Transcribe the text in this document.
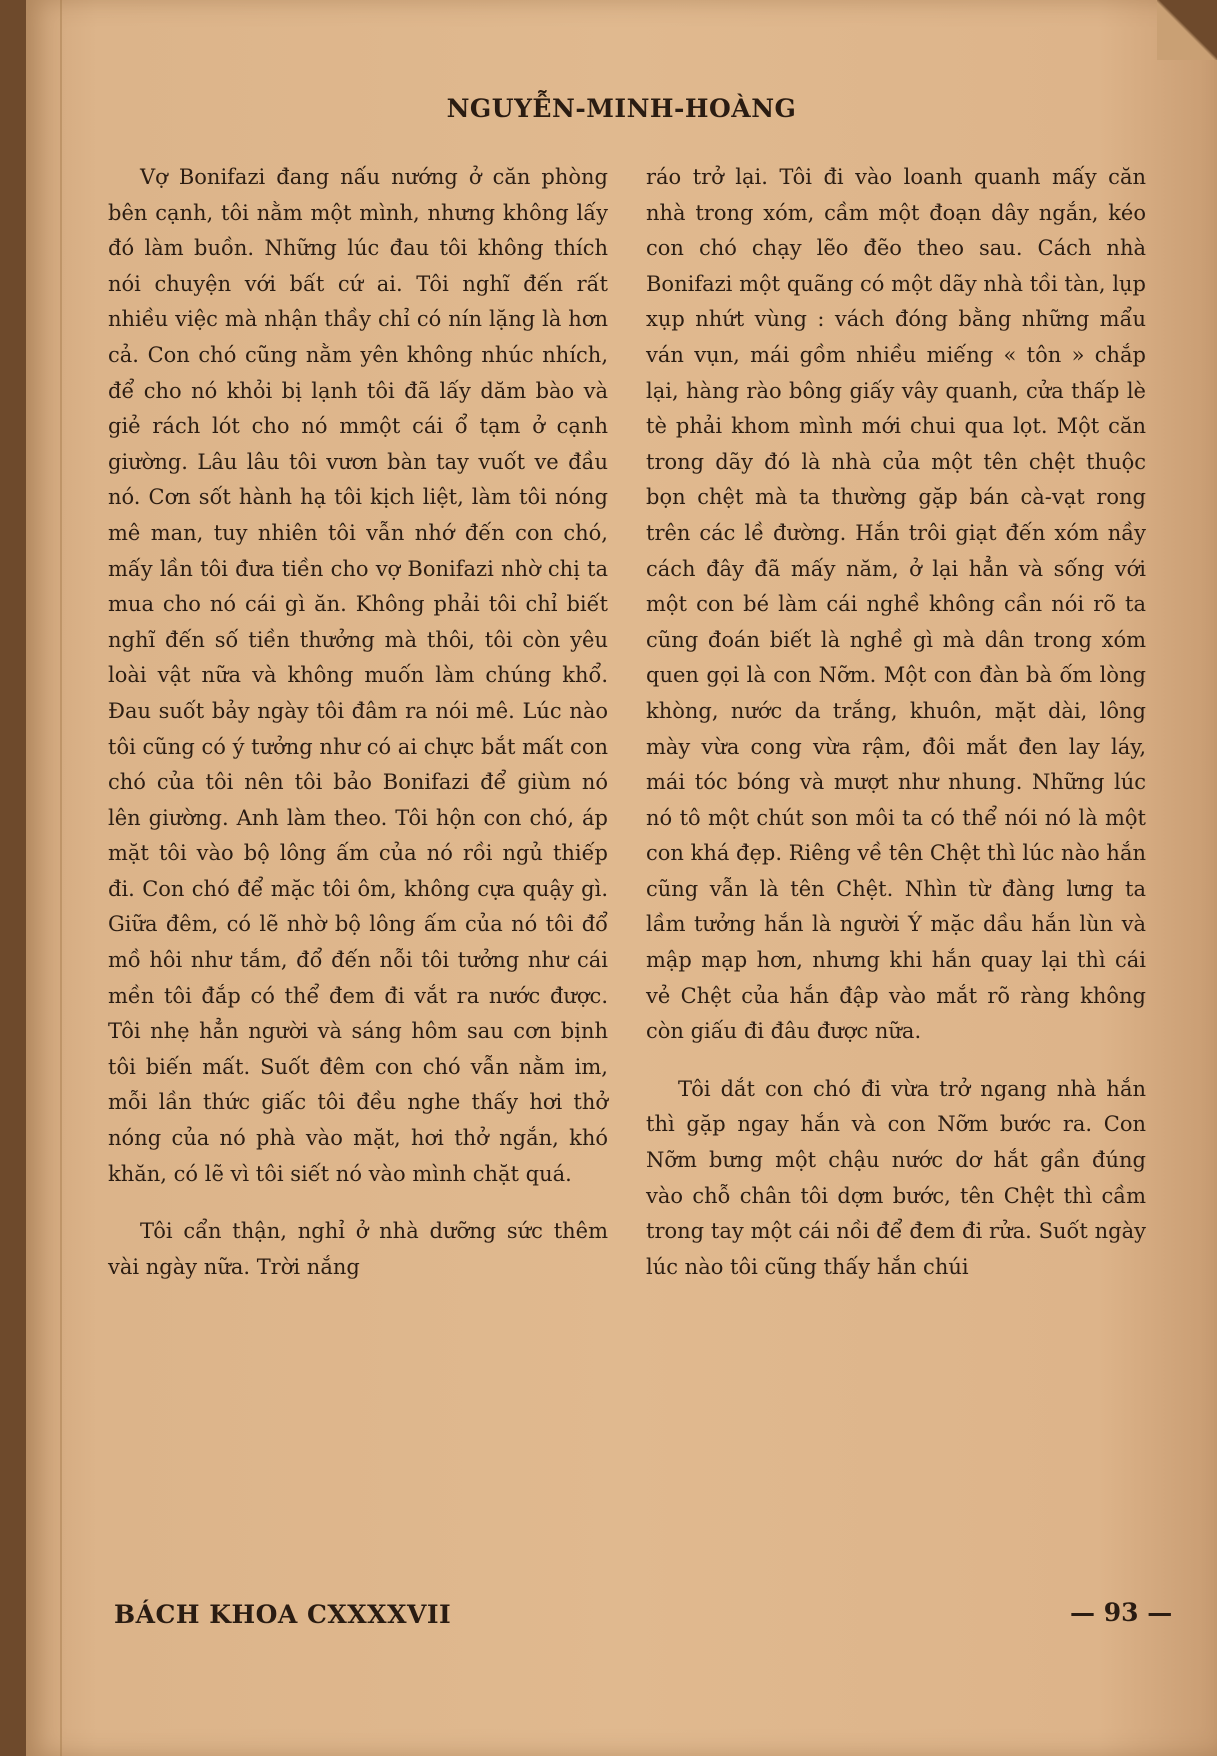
NGUYỄN-MINH-HOÀNG

Vợ Bonifazi đang nấu nướng ở căn phòng bên cạnh, tôi nằm một mình, nhưng không lấy đó làm buồn. Những lúc đau tôi không thích nói chuyện với bất cứ ai. Tôi nghĩ đến rất nhiều việc mà nhận thầy chỉ có nín lặng là hơn cả. Con chó cũng nằm yên không nhúc nhích, để cho nó khỏi bị lạnh tôi đã lấy dăm bào và giẻ rách lót cho nó mmột cái ổ tạm ở cạnh giường. Lâu lâu tôi vươn bàn tay vuốt ve đầu nó. Cơn sốt hành hạ tôi kịch liệt, làm tôi nóng mê man, tuy nhiên tôi vẫn nhớ đến con chó, mấy lần tôi đưa tiền cho vợ Bonifazi nhờ chị ta mua cho nó cái gì ăn. Không phải tôi chỉ biết nghĩ đến số tiền thưởng mà thôi, tôi còn yêu loài vật nữa và không muốn làm chúng khổ. Đau suốt bảy ngày tôi đâm ra nói mê. Lúc nào tôi cũng có ý tưởng như có ai chực bắt mất con chó của tôi nên tôi bảo Bonifazi để giùm nó lên giường. Anh làm theo. Tôi hộn con chó, áp mặt tôi vào bộ lông ấm của nó rồi ngủ thiếp đi. Con chó để mặc tôi ôm, không cựa quậy gì. Giữa đêm, có lẽ nhờ bộ lông ấm của nó tôi đổ mồ hôi như tắm, đổ đến nỗi tôi tưởng như cái mền tôi đắp có thể đem đi vắt ra nước được. Tôi nhẹ hẳn người và sáng hôm sau cơn bịnh tôi biến mất. Suốt đêm con chó vẫn nằm im, mỗi lần thức giấc tôi đều nghe thấy hơi thở nóng của nó phà vào mặt, hơi thở ngắn, khó khăn, có lẽ vì tôi siết nó vào mình chặt quá.

Tôi cẩn thận, nghỉ ở nhà dưỡng sức thêm vài ngày nữa. Trời nắng

ráo trở lại. Tôi đi vào loanh quanh mấy căn nhà trong xóm, cầm một đoạn dây ngắn, kéo con chó chạy lẽo đẽo theo sau. Cách nhà Bonifazi một quãng có một dãy nhà tồi tàn, lụp xụp nhứt vùng : vách đóng bằng những mẩu ván vụn, mái gồm nhiều miếng « tôn » chắp lại, hàng rào bông giấy vây quanh, cửa thấp lè tè phải khom mình mới chui qua lọt. Một căn trong dãy đó là nhà của một tên chệt thuộc bọn chệt mà ta thường gặp bán cà-vạt rong trên các lề đường. Hắn trôi giạt đến xóm nầy cách đây đã mấy năm, ở lại hẳn và sống với một con bé làm cái nghề không cần nói rõ ta cũng đoán biết là nghề gì mà dân trong xóm quen gọi là con Nỡm. Một con đàn bà ốm lòng khòng, nước da trắng, khuôn, mặt dài, lông mày vừa cong vừa rậm, đôi mắt đen lay láy, mái tóc bóng và mượt như nhung. Những lúc nó tô một chút son môi ta có thể nói nó là một con khá đẹp. Riêng về tên Chệt thì lúc nào hắn cũng vẫn là tên Chệt. Nhìn từ đàng lưng ta lầm tưởng hắn là người Ý mặc dầu hắn lùn và mập mạp hơn, nhưng khi hắn quay lại thì cái vẻ Chệt của hắn đập vào mắt rõ ràng không còn giấu đi đâu được nữa.

Tôi dắt con chó đi vừa trở ngang nhà hắn thì gặp ngay hắn và con Nỡm bước ra. Con Nỡm bưng một chậu nước dơ hắt gần đúng vào chỗ chân tôi dợm bước, tên Chệt thì cầm trong tay một cái nồi để đem đi rửa. Suốt ngày lúc nào tôi cũng thấy hắn chúi

BÁCH KHOA CXXXXVII	— 93 —
